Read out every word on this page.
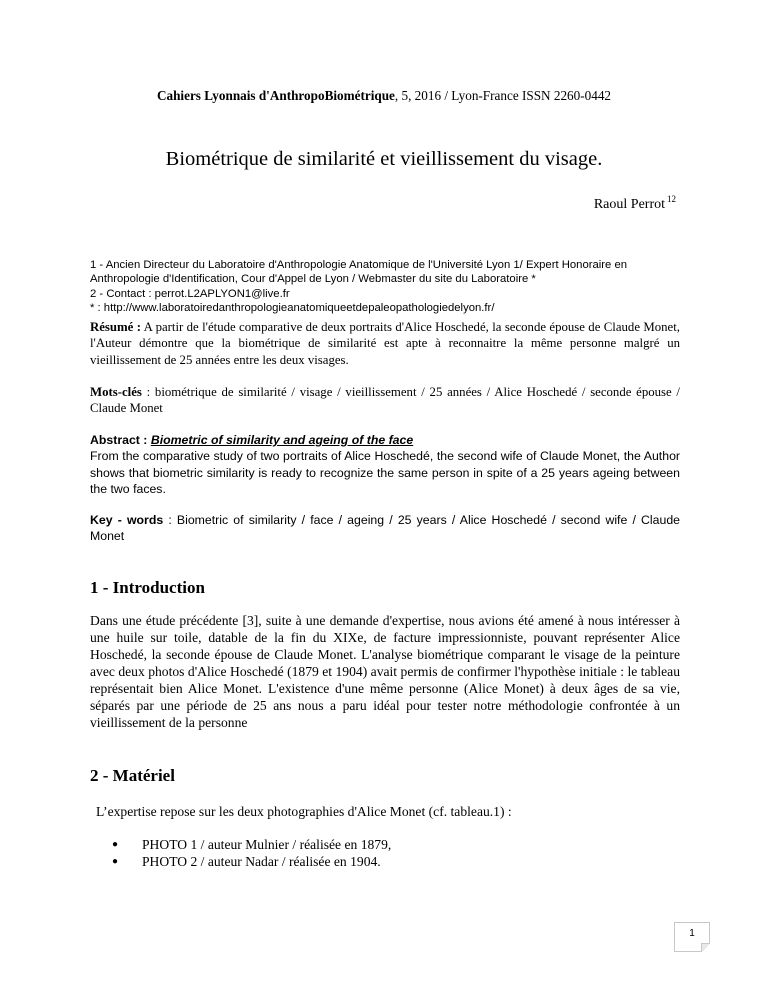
Cahiers Lyonnais d'AnthropoBiométrique, 5, 2016 / Lyon-France ISSN 2260-0442
Biométrique de similarité et vieillissement du visage.
Raoul Perrot $^{12}$
1 - Ancien Directeur du Laboratoire d'Anthropologie Anatomique de l'Université Lyon 1/ Expert Honoraire en
Anthropologie d'Identification, Cour d'Appel de Lyon / Webmaster du site du Laboratoire *
2 - Contact : perrot.L2APLYON1@live.fr
* : http://www.laboratoiredanthropologieanatomiqueetdepaleopathologiedelyon.fr/
Résumé : A partir de l'étude comparative de deux portraits d'Alice Hoschedé, la seconde épouse de Claude Monet, l'Auteur démontre que la biométrique de similarité est apte à reconnaitre la même personne malgré un vieillissement de 25 années entre les deux visages.
Mots-clés : biométrique de similarité / visage / vieillissement / 25 années / Alice Hoschedé / seconde épouse / Claude Monet
Abstract : Biometric of similarity and ageing of the face
From the comparative study of two portraits of Alice Hoschedé, the second wife of Claude Monet, the Author shows that biometric similarity is ready to recognize the same person in spite of a 25 years ageing between the two faces.
Key - words : Biometric of similarity / face / ageing / 25 years / Alice Hoschedé / second wife / Claude Monet
1 - Introduction
Dans une étude précédente [3], suite à une demande d'expertise, nous avions été amené à nous intéresser à une huile sur toile, datable de la fin du XIXe, de facture impressionniste, pouvant représenter Alice Hoschedé, la seconde épouse de Claude Monet. L'analyse biométrique comparant le visage de la peinture avec deux photos d'Alice Hoschedé (1879 et 1904) avait permis de confirmer l'hypothèse initiale : le tableau représentait bien Alice Monet. L'existence d'une même personne (Alice Monet) à deux âges de sa vie, séparés par une période de 25 ans nous a paru idéal pour tester notre méthodologie confrontée à un vieillissement de la personne
2 - Matériel
L’expertise repose sur les deux photographies d'Alice Monet (cf. tableau.1) :
●	PHOTO 1 / auteur Mulnier / réalisée en 1879,
●	PHOTO 2 / auteur Nadar / réalisée en 1904.
1
